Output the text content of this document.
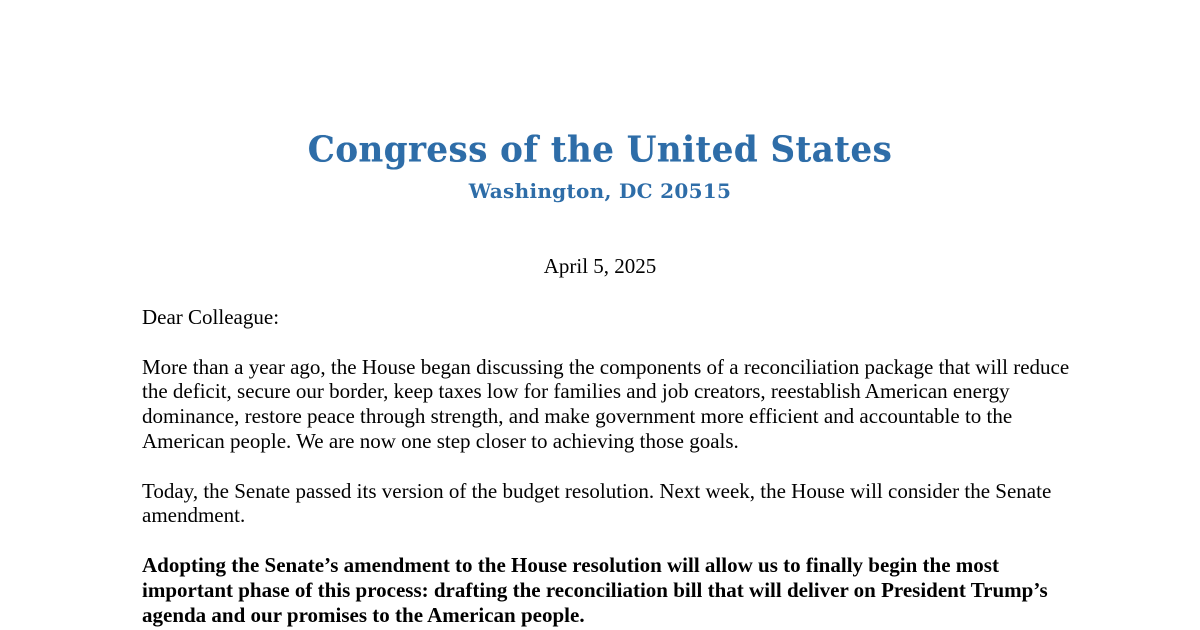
Congress of the United States
Washington, DC 20515
April 5, 2025

Dear Colleague:

More than a year ago, the House began discussing the components of a reconciliation package that will reduce the deficit, secure our border, keep taxes low for families and job creators, reestablish American energy dominance, restore peace through strength, and make government more efficient and accountable to the American people. We are now one step closer to achieving those goals.

Today, the Senate passed its version of the budget resolution. Next week, the House will consider the Senate amendment.

Adopting the Senate’s amendment to the House resolution will allow us to finally begin the most important phase of this process: drafting the reconciliation bill that will deliver on President Trump’s agenda and our promises to the American people.
